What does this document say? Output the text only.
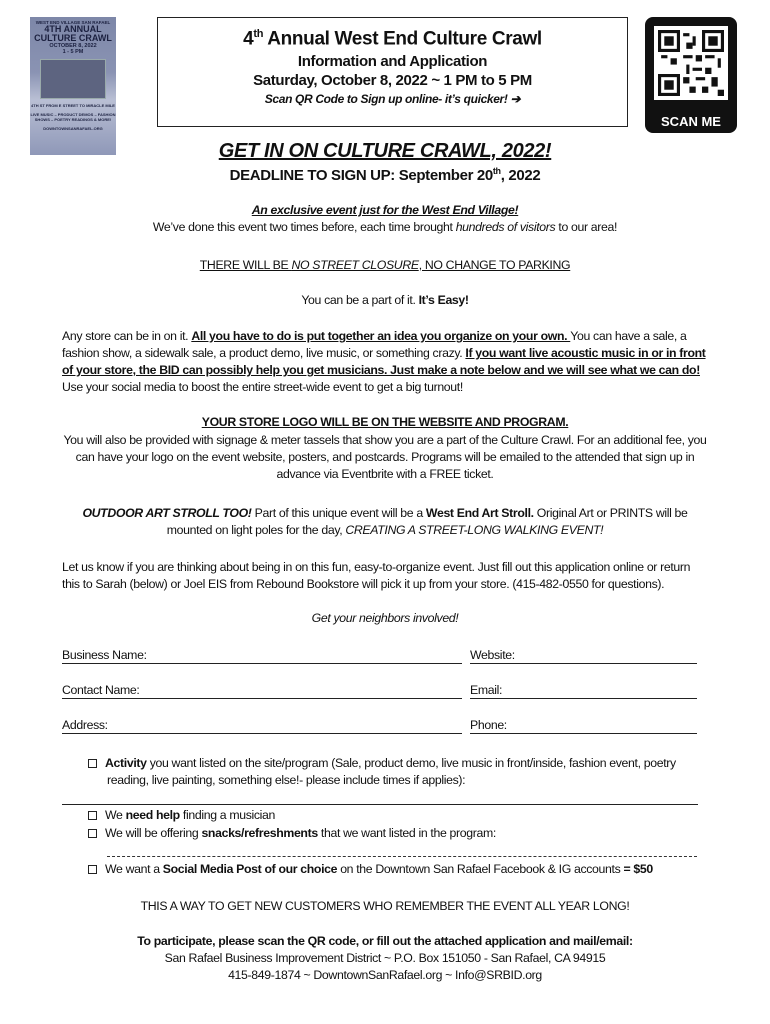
WEST END VILLAGE SAN RAFAEL
4TH ANNUAL
CULTURE CRAWL
OCTOBER 8, 2022
1 - 5 PM
4TH ST FROM E STREET TO MIRACLE MILE
LIVE MUSIC – PRODUCT DEMOS – FASHION SHOWS – POETRY READINGS & MORE!
DOWNTOWNSANRAFAEL.ORG
4th Annual West End Culture Crawl
Information and Application
Saturday, October 8, 2022 ~ 1 PM to 5 PM
Scan QR Code to Sign up online- it’s quicker! ➔
SCAN ME
GET IN ON CULTURE CRAWL, 2022!
DEADLINE TO SIGN UP: September 20th, 2022
An exclusive event just for the West End Village!
We’ve done this event two times before, each time brought hundreds of visitors to our area!
THERE WILL BE NO STREET CLOSURE, NO CHANGE TO PARKING
You can be a part of it. It’s Easy!
Any store can be in on it. All you have to do is put together an idea you organize on your own. You can have a sale, a fashion show, a sidewalk sale, a product demo, live music, or something crazy. If you want live acoustic music in or in front of your store, the BID can possibly help you get musicians. Just make a note below and we will see what we can do! Use your social media to boost the entire street-wide event to get a big turnout!
YOUR STORE LOGO WILL BE ON THE WEBSITE AND PROGRAM.
You will also be provided with signage & meter tassels that show you are a part of the Culture Crawl. For an additional fee, you can have your logo on the event website, posters, and postcards. Programs will be emailed to the attended that sign up in advance via Eventbrite with a FREE ticket.
OUTDOOR ART STROLL TOO! Part of this unique event will be a West End Art Stroll. Original Art or PRINTS will be mounted on light poles for the day, CREATING A STREET-LONG WALKING EVENT!
Let us know if you are thinking about being in on this fun, easy-to-organize event. Just fill out this application online or return this to Sarah (below) or Joel EIS from Rebound Bookstore will pick it up from your store. (415-482-0550 for questions).
Get your neighbors involved!
Business Name:	Website:
Contact Name:	Email:
Address:	Phone:
Activity you want listed on the site/program (Sale, product demo, live music in front/inside, fashion event, poetry reading, live painting, something else!- please include times if applies):
We need help finding a musician
We will be offering snacks/refreshments that we want listed in the program:
We want a Social Media Post of our choice on the Downtown San Rafael Facebook & IG accounts = $50
THIS A WAY TO GET NEW CUSTOMERS WHO REMEMBER THE EVENT ALL YEAR LONG!
To participate, please scan the QR code, or fill out the attached application and mail/email:
San Rafael Business Improvement District ~ P.O. Box 151050 - San Rafael, CA 94915
415-849-1874 ~ DowntownSanRafael.org ~ Info@SRBID.org
